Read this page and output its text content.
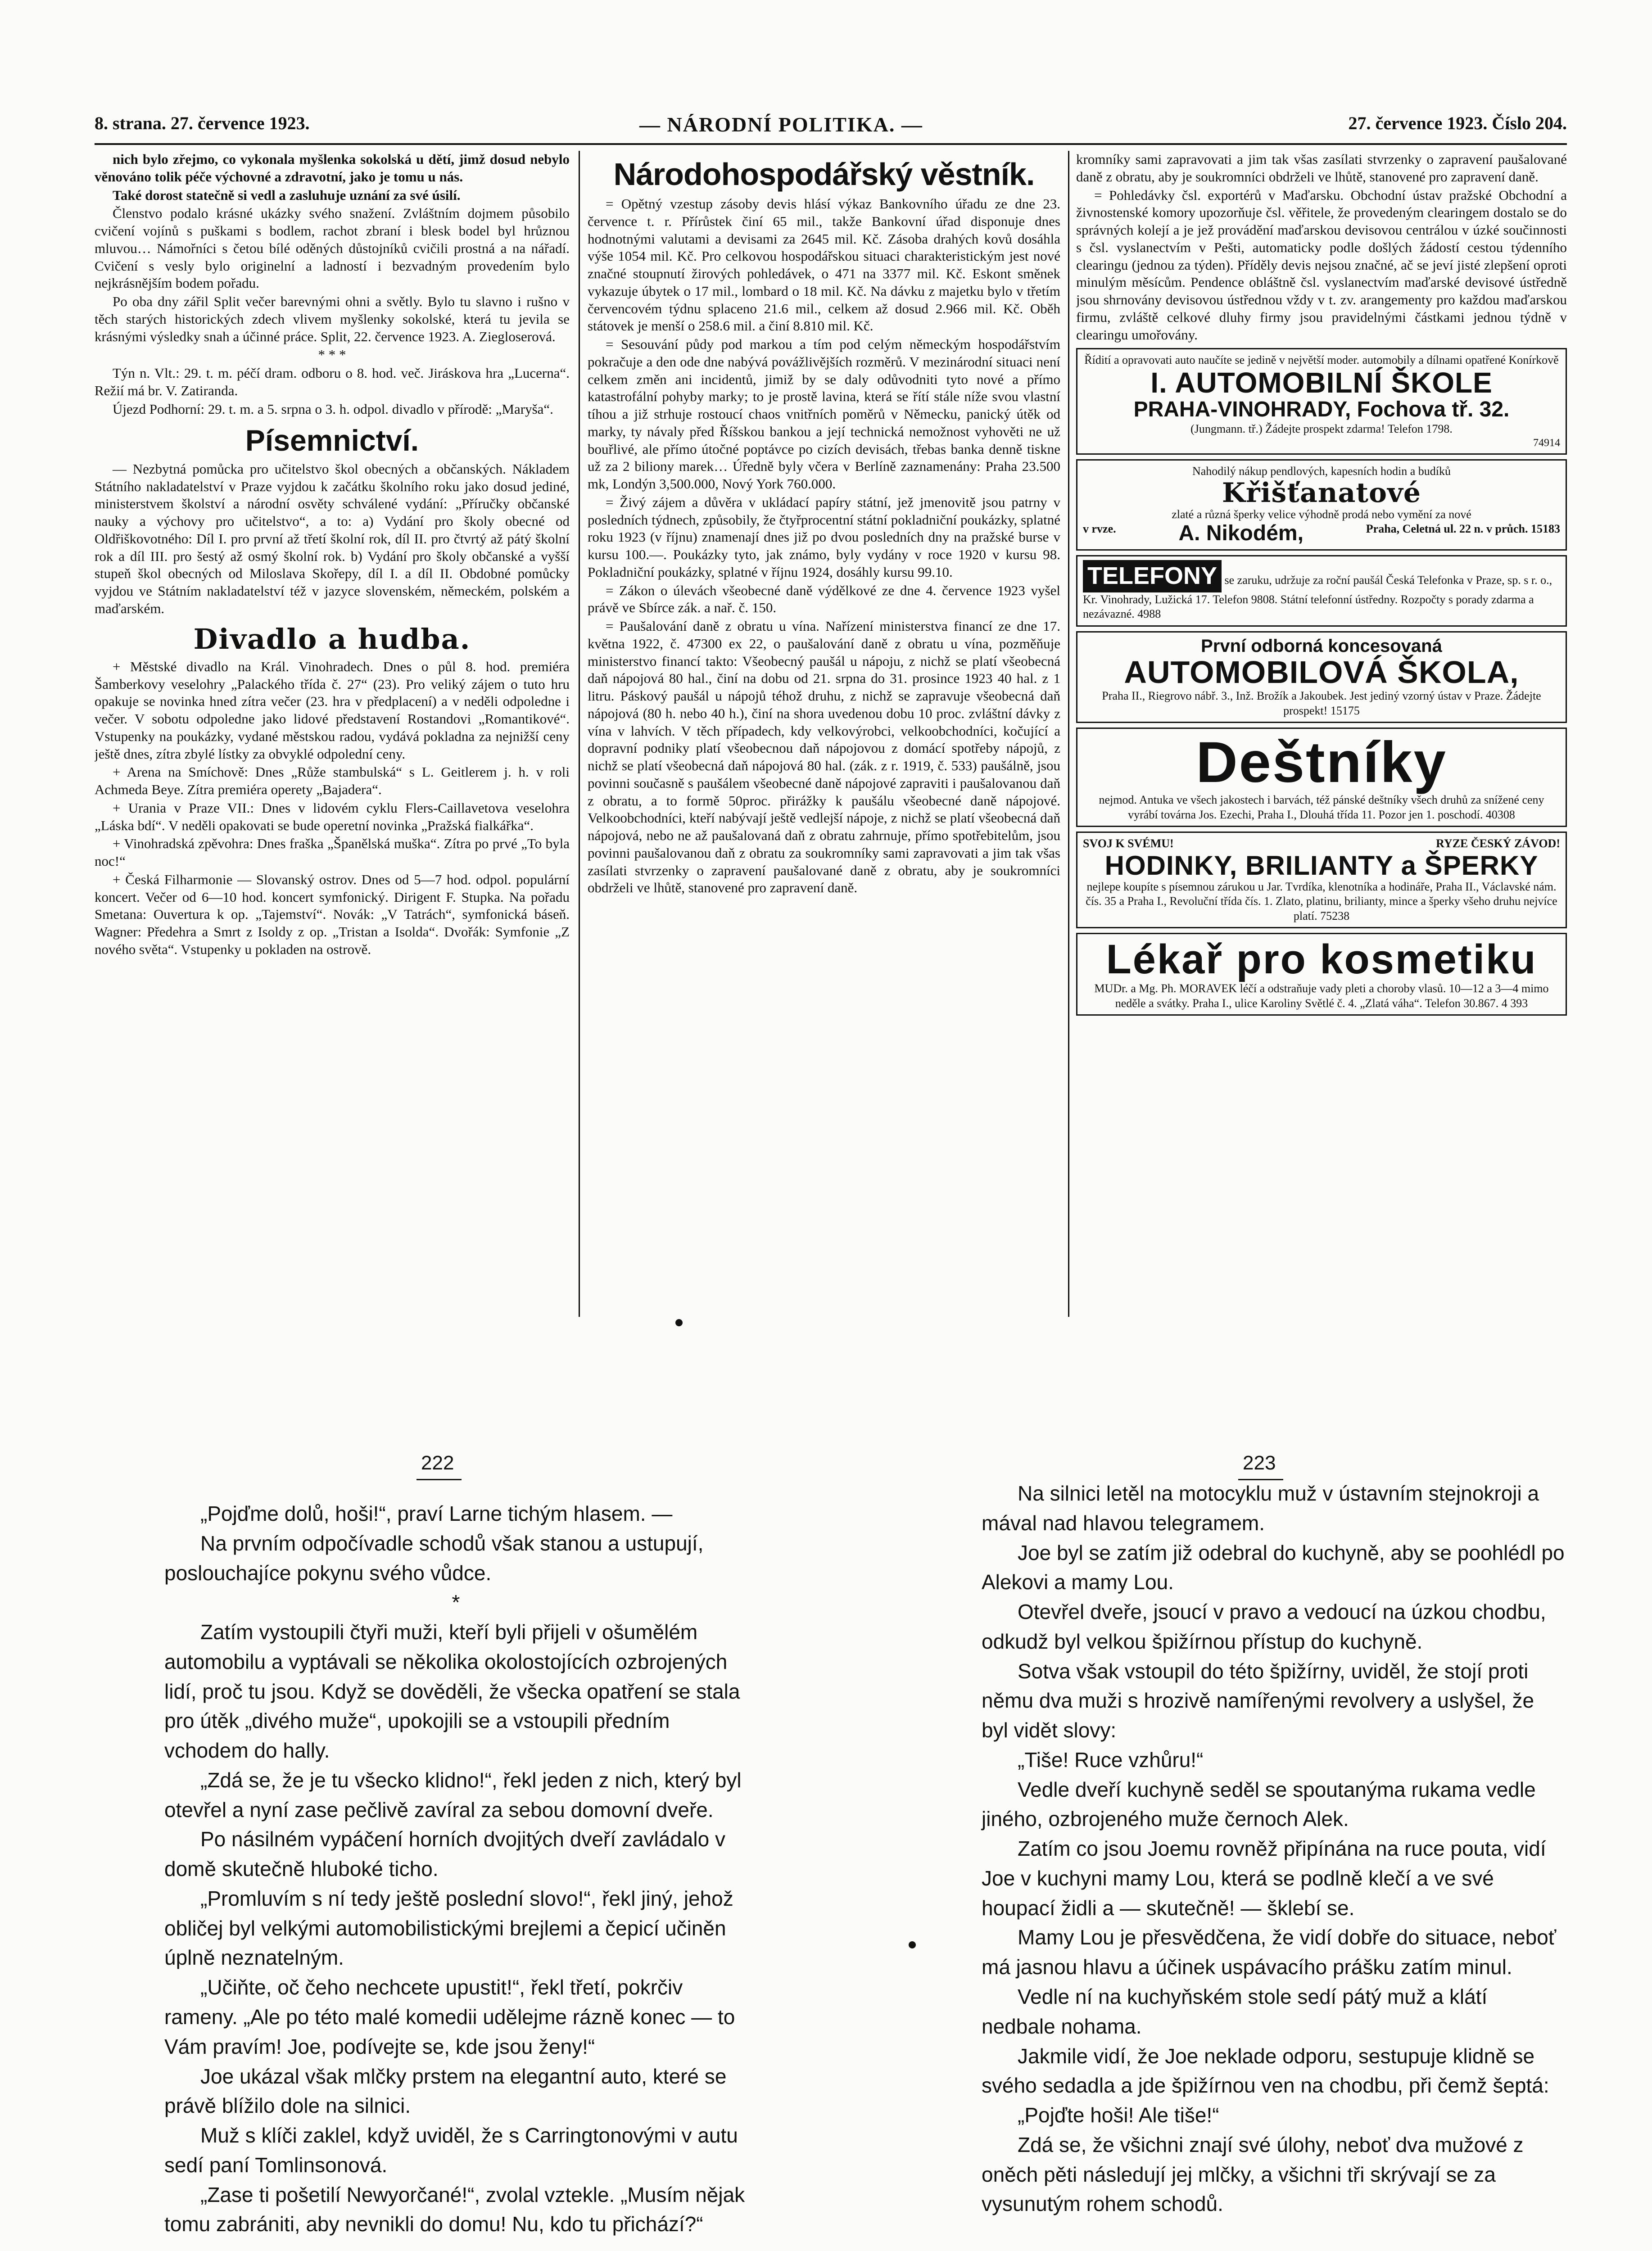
8. strana. 27. července 1923.	— NÁRODNÍ POLITIKA. —	27. července 1923. Číslo 204.

nich bylo zřejmo, co vykonala myšlenka sokolská u dětí, jimž dosud nebylo věnováno tolik péče výchovné a zdravotní, jako je tomu u nás.

Také dorost statečně si vedl a zasluhuje uznání za své úsilí.

Členstvo podalo krásné ukázky svého snažení. Zvláštním dojmem působilo cvičení vojínů s puškami s bodlem, rachot zbraní i blesk bodel byl hrůznou mluvou… Námořníci s četou bílé oděných důstojníků cvičili prostná a na nářadí. Cvičení s vesly bylo originelní a ladností i bezvadným provedením bylo nejkrásnějším bodem pořadu.

Po oba dny zářil Split večer barevnými ohni a světly. Bylo tu slavno i rušno v těch starých historických zdech vlivem myšlenky sokolské, která tu jevila se krásnými výsledky snah a účinné práce. Split, 22. července 1923. A. Ziegloserová.

* * *

Týn n. Vlt.: 29. t. m. péčí dram. odboru o 8. hod. več. Jiráskova hra „Lucerna“. Režií má br. V. Zatiranda.

Újezd Podhorní: 29. t. m. a 5. srpna o 3. h. odpol. divadlo v přírodě: „Maryša“.

Písemnictví.

— Nezbytná pomůcka pro učitelstvo škol obecných a občanských. Nákladem Státního nakladatelství v Praze vyjdou k začátku školního roku jako dosud jediné, ministerstvem školství a národní osvěty schválené vydání: „Příručky občanské nauky a výchovy pro učitelstvo“, a to: a) Vydání pro školy obecné od Oldřiškovotného: Díl I. pro první až třetí školní rok, díl II. pro čtvrtý až pátý školní rok a díl III. pro šestý až osmý školní rok. b) Vydání pro školy občanské a vyšší stupeň škol obecných od Miloslava Skořepy, díl I. a díl II. Obdobné pomůcky vyjdou ve Státním nakladatelství též v jazyce slovenském, německém, polském a maďarském.

Divadlo a hudba.

+ Městské divadlo na Král. Vinohradech. Dnes o půl 8. hod. premiéra Šamberkovy veselohry „Palackého třída č. 27“ (23). Pro veliký zájem o tuto hru opakuje se novinka hned zítra večer (23. hra v předplacení) a v neděli odpoledne i večer. V sobotu odpoledne jako lidové představení Rostandovi „Romantikové“. Vstupenky na poukázky, vydané městskou radou, vydává pokladna za nejnižší ceny ještě dnes, zítra zbylé lístky za obvyklé odpolední ceny.

+ Arena na Smíchově: Dnes „Růže stambulská“ s L. Geitlerem j. h. v roli Achmeda Beye. Zítra premiéra operety „Bajadera“.

+ Urania v Praze VII.: Dnes v lidovém cyklu Flers-Caillavetova veselohra „Láska bdí“. V neděli opakovati se bude operetní novinka „Pražská fialkářka“.

+ Vinohradská zpěvohra: Dnes fraška „Španělská muška“. Zítra po prvé „To byla noc!“

+ Česká Filharmonie — Slovanský ostrov. Dnes od 5—7 hod. odpol. populární koncert. Večer od 6—10 hod. koncert symfonický. Dirigent F. Stupka. Na pořadu Smetana: Ouvertura k op. „Tajemství“. Novák: „V Tatrách“, symfonická báseň. Wagner: Předehra a Smrt z Isoldy z op. „Tristan a Isolda“. Dvořák: Symfonie „Z nového světa“. Vstupenky u pokladen na ostrově.

Národohospodářský věstník.

= Opětný vzestup zásoby devis hlásí výkaz Bankovního úřadu ze dne 23. července t. r. Přírůstek činí 65 mil., takže Bankovní úřad disponuje dnes hodnotnými valutami a devisami za 2645 mil. Kč. Zásoba drahých kovů dosáhla výše 1054 mil. Kč. Pro celkovou hospodářskou situaci charakteristickým jest nové značné stoupnutí žirových pohledávek, o 471 na 3377 mil. Kč. Eskont směnek vykazuje úbytek o 17 mil., lombard o 18 mil. Kč. Na dávku z majetku bylo v třetím červencovém týdnu splaceno 21.6 mil., celkem až dosud 2.966 mil. Kč. Oběh státovek je menší o 258.6 mil. a činí 8.810 mil. Kč.

= Sesouvání půdy pod markou a tím pod celým německým hospodářstvím pokračuje a den ode dne nabývá povážlivějších rozměrů. V mezinárodní situaci není celkem změn ani incidentů, jimiž by se daly odůvodniti tyto nové a přímo katastrofální pohyby marky; to je prostě lavina, která se řítí stále níže svou vlastní tíhou a již strhuje rostoucí chaos vnitřních poměrů v Německu, panický útěk od marky, ty návaly před Říšskou bankou a její technická nemožnost vyhověti ne už bouřlivé, ale přímo útočné poptávce po cizích devisách, třebas banka denně tiskne už za 2 biliony marek… Úředně byly včera v Berlíně zaznamenány: Praha 23.500 mk, Londýn 3,500.000, Nový York 760.000.

= Živý zájem a důvěra v ukládací papíry státní, jež jmenovitě jsou patrny v posledních týdnech, způsobily, že čtyřprocentní státní pokladniční poukázky, splatné roku 1923 (v říjnu) znamenají dnes již po dvou posledních dny na pražské burse v kursu 100.—. Poukázky tyto, jak známo, byly vydány v roce 1920 v kursu 98. Pokladniční poukázky, splatné v říjnu 1924, dosáhly kursu 99.10.

= Zákon o úlevách všeobecné daně výdělkové ze dne 4. července 1923 vyšel právě ve Sbírce zák. a nař. č. 150.

= Paušalování daně z obratu u vína. Nařízení ministerstva financí ze dne 17. května 1922, č. 47300 ex 22, o paušalování daně z obratu u vína, pozměňuje ministerstvo financí takto: Všeobecný paušál u nápoju, z nichž se platí všeobecná daň nápojová 80 hal., činí na dobu od 21. srpna do 31. prosince 1923 40 hal. z 1 litru. Páskový paušál u nápojů téhož druhu, z nichž se zapravuje všeobecná daň nápojová (80 h. nebo 40 h.), činí na shora uvedenou dobu 10 proc. zvláštní dávky z vína v lahvích. V těch případech, kdy velkovýrobci, velkoobchodníci, kočující a dopravní podniky platí všeobecnou daň nápojovou z domácí spotřeby nápojů, z nichž se platí všeobecná daň nápojová 80 hal. (zák. z r. 1919, č. 533) paušálně, jsou povinni současně s paušálem všeobecné daně nápojové zapraviti i paušalovanou daň z obratu, a to formě 50proc. přirážky k paušálu všeobecné daně nápojové. Velkoobchodníci, kteří nabývají ještě vedlejší nápoje, z nichž se platí všeobecná daň nápojová, nebo ne až paušalovaná daň z obratu zahrnuje, přímo spotřebitelům, jsou povinni paušalovanou daň z obratu za soukromníky sami zapravovati a jim tak všas zasílati stvrzenky o zapravení paušalované daně z obratu, aby je soukromníci obdrželi ve lhůtě, stanovené pro zapravení daně.

kromníky sami zapravovati a jim tak všas zasílati stvrzenky o zapravení paušalované daně z obratu, aby je soukromníci obdrželi ve lhůtě, stanovené pro zapravení daně.

= Pohledávky čsl. exportérů v Maďarsku. Obchodní ústav pražské Obchodní a živnostenské komory upozorňuje čsl. věřitele, že provedeným clearingem dostalo se do správných kolejí a je jež provádění maďarskou devisovou centrálou v úzké součinnosti s čsl. vyslanectvím v Pešti, automaticky podle došlých žádostí cestou týdenního clearingu (jednou za týden). Příděly devis nejsou značné, ač se jeví jisté zlepšení oproti minulým měsícům. Pendence obláštně čsl. vyslanectvím maďarské devisové ústředně jsou shrnovány devisovou ústřednou vždy v t. zv. arangementy pro každou maďarskou firmu, zvláště celkové dluhy firmy jsou pravidelnými částkami jednou týdně v clearingu umořovány.

Řídití a opravovati auto naučíte se jedině v největší moder. automobily a dílnami opatřené Konírkově
I. AUTOMOBILNÍ ŠKOLE
PRAHA-VINOHRADY, Fochova tř. 32.
(Jungmann. tř.) Žádejte prospekt zdarma! Telefon 1798.
74914
Nahodilý nákup pendlových, kapesních hodin a budíků
Křišťanatové
zlaté a různá šperky velice výhodně prodá nebo vymění za nové
v rvze.	A. Nikodém,	Praha, Celetná ul. 22 n. v průch. 15183
TELEFONY se zaruku, udržuje za roční paušál Česká Telefonka v Praze, sp. s r. o., Kr. Vinohrady, Lužická 17. Telefon 9808. Státní telefonní ústředny. Rozpočty s porady zdarma a nezávazné. 4988
První odborná koncesovaná
AUTOMOBILOVÁ ŠKOLA,
Praha II., Riegrovo nábř. 3., Inž. Brožík a Jakoubek. Jest jediný vzorný ústav v Praze. Žádejte prospekt! 15175
Deštníky
nejmod. Antuka ve všech jakostech i barvách, též pánské deštníky všech druhů za snížené ceny vyrábí továrna Jos. Ezechi, Praha I., Dlouhá třída 11. Pozor jen 1. poschodí. 40308
SVOJ K SVÉMU!	RYZE ČESKÝ ZÁVOD!
HODINKY, BRILIANTY a ŠPERKY
nejlepe koupíte s písemnou zárukou u Jar. Tvrdíka, klenotníka a hodináře, Praha II., Václavské nám. čís. 35 a Praha I., Revoluční třída čís. 1. Zlato, platinu, brilianty, mince a šperky všeho druhu nejvíce platí. 75238
Lékař pro kosmetiku
MUDr. a Mg. Ph. MORAVEK léčí a odstraňuje vady pleti a choroby vlasů. 10—12 a 3—4 mimo neděle a svátky. Praha I., ulice Karoliny Světlé č. 4. „Zlatá váha“. Telefon 30.867. 4 393
222	223

„Pojďme dolů, hoši!“, praví Larne tichým hlasem. —

Na prvním odpočívadle schodů však stanou a ustupují, poslouchajíce pokynu svého vůdce.

*

Zatím vystoupili čtyři muži, kteří byli přijeli v ošumělém automobilu a vyptávali se několika okolostojících ozbrojených lidí, proč tu jsou. Když se dověděli, že všecka opatření se stala pro útěk „divého muže“, upokojili se a vstoupili předním vchodem do hally.

„Zdá se, že je tu všecko klidno!“, řekl jeden z nich, který byl otevřel a nyní zase pečlivě zavíral za sebou domovní dveře.

Po násilném vypáčení horních dvojitých dveří zavládalo v domě skutečně hluboké ticho.

„Promluvím s ní tedy ještě poslední slovo!“, řekl jiný, jehož obličej byl velkými automobilistickými brejlemi a čepicí učiněn úplně neznatelným.

„Učiňte, oč čeho nechcete upustit!“, řekl třetí, pokrčiv rameny. „Ale po této malé komedii udělejme rázně konec — to Vám pravím! Joe, podívejte se, kde jsou ženy!“

Joe ukázal však mlčky prstem na elegantní auto, které se právě blížilo dole na silnici.

Muž s klíči zaklel, když uviděl, že s Carringtonovými v autu sedí paní Tomlinsonová.

„Zase ti pošetilí Newyorčané!“, zvolal vztekle. „Musím nějak tomu zabrániti, aby nevnikli do domu! Nu, kdo tu přichází?“

Na silnici letěl na motocyklu muž v ústavním stejnokroji a mával nad hlavou telegramem.

Joe byl se zatím již odebral do kuchyně, aby se poohlédl po Alekovi a mamy Lou.

Otevřel dveře, jsoucí v pravo a vedoucí na úzkou chodbu, odkudž byl velkou špižírnou přístup do kuchyně.

Sotva však vstoupil do této špižírny, uviděl, že stojí proti němu dva muži s hrozivě namířenými revolvery a uslyšel, že byl vidět slovy:

„Tiše! Ruce vzhůru!“

Vedle dveří kuchyně seděl se spoutanýma rukama vedle jiného, ozbrojeného muže černoch Alek.

Zatím co jsou Joemu rovněž připínána na ruce pouta, vidí Joe v kuchyni mamy Lou, která se podlně klečí a ve své houpací židli a — skutečně! — šklebí se.

Mamy Lou je přesvědčena, že vidí dobře do situace, neboť má jasnou hlavu a účinek uspávacího prášku zatím minul.

Vedle ní na kuchyňském stole sedí pátý muž a klátí nedbale nohama.

Jakmile vidí, že Joe neklade odporu, sestupuje klidně se svého sedadla a jde špižírnou ven na chodbu, při čemž šeptá:

„Pojďte hoši! Ale tiše!“

Zdá se, že všichni znají své úlohy, neboť dva mužové z oněch pěti následují jej mlčky, a všichni tři skrývají se za vysunutým rohem schodů.
